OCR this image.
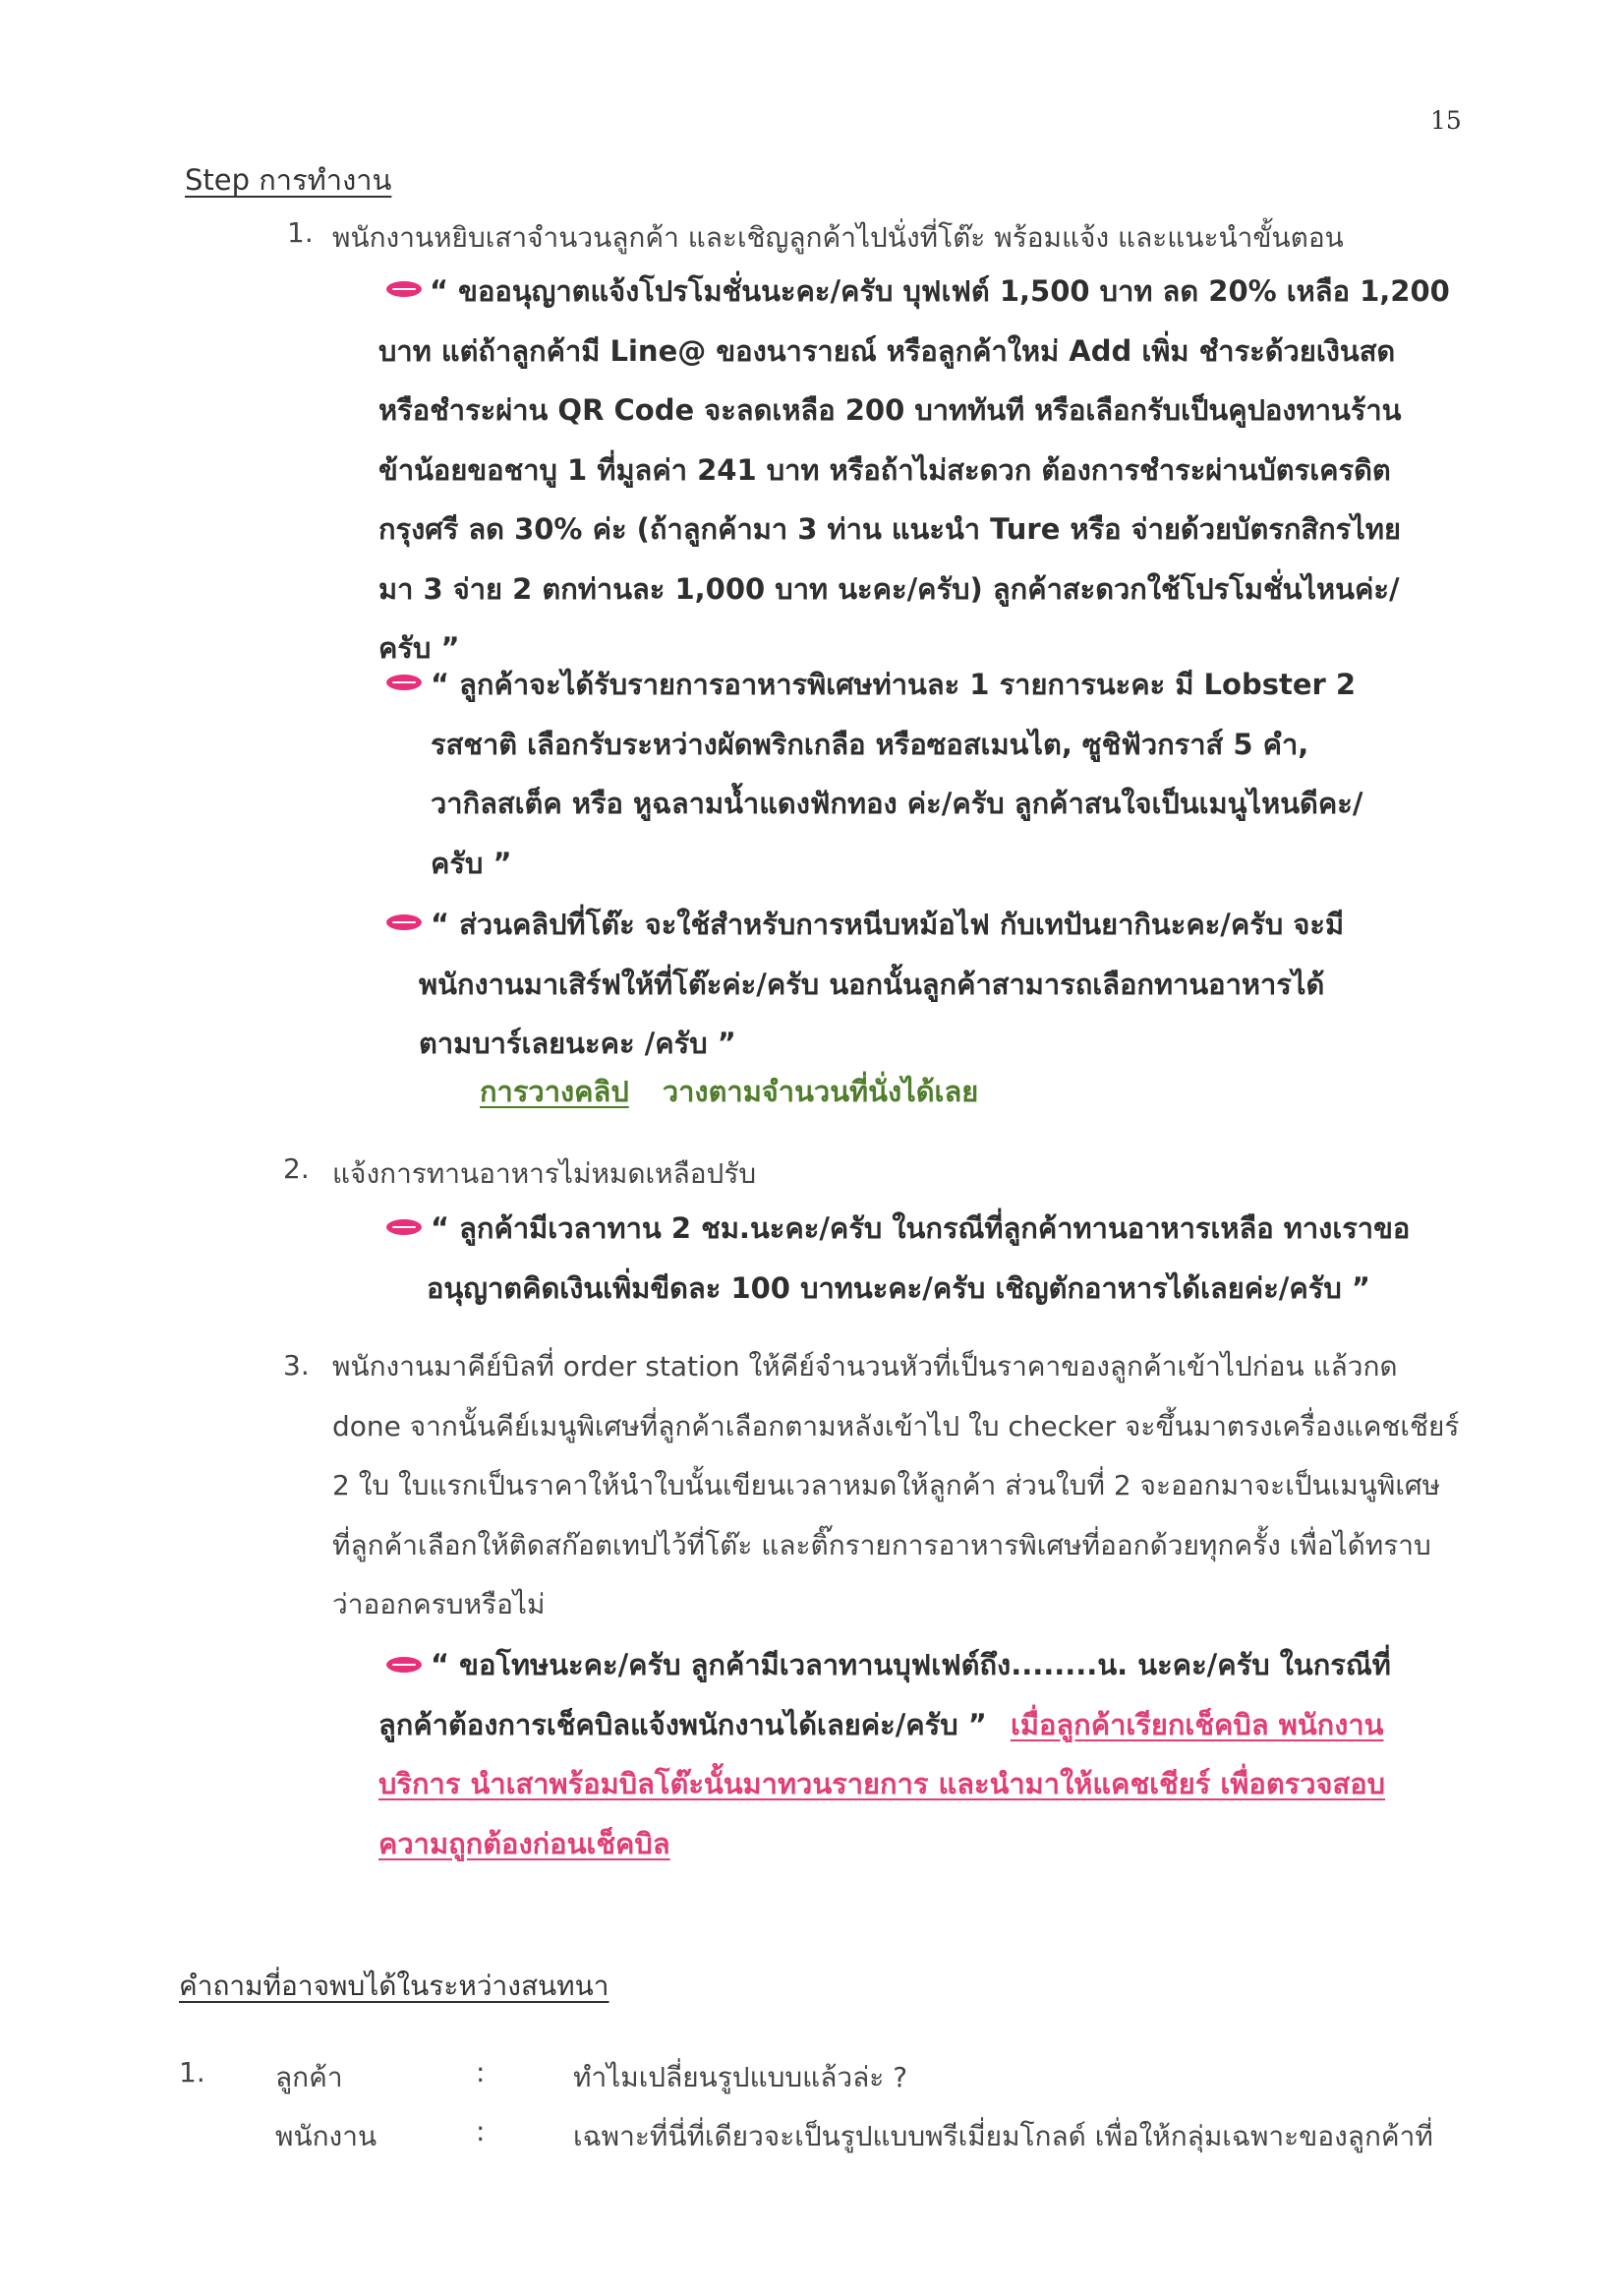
15
Step การทำงาน
1. พนักงานหยิบเสาจำนวนลูกค้า และเชิญลูกค้าไปนั่งที่โต๊ะ พร้อมแจ้ง และแนะนำขั้นตอน
“ ขออนุญาตแจ้งโปรโมชั่นนะคะ/ครับ บุฟเฟต์ 1,500 บาท ลด 20% เหลือ 1,200
บาท แต่ถ้าลูกค้ามี Line@ ของนารายณ์ หรือลูกค้าใหม่ Add เพิ่ม ชำระด้วยเงินสด
หรือชำระผ่าน QR Code จะลดเหลือ 200 บาททันที หรือเลือกรับเป็นคูปองทานร้าน
ข้าน้อยขอชาบู 1 ที่มูลค่า 241 บาท หรือถ้าไม่สะดวก ต้องการชำระผ่านบัตรเครดิต
กรุงศรี ลด 30% ค่ะ (ถ้าลูกค้ามา 3 ท่าน แนะนำ Ture หรือ จ่ายด้วยบัตรกสิกรไทย
มา 3 จ่าย 2 ตกท่านละ 1,000 บาท นะคะ/ครับ) ลูกค้าสะดวกใช้โปรโมชั่นไหนค่ะ/
ครับ ”
“ ลูกค้าจะได้รับรายการอาหารพิเศษท่านละ 1 รายการนะคะ มี Lobster 2
รสชาติ เลือกรับระหว่างผัดพริกเกลือ หรือซอสเมนไต, ซูชิฟัวกราส์ 5 คำ,
วากิลสเต็ค หรือ หูฉลามน้ำแดงฟักทอง ค่ะ/ครับ ลูกค้าสนใจเป็นเมนูไหนดีคะ/
ครับ ”
“ ส่วนคลิปที่โต๊ะ จะใช้สำหรับการหนีบหม้อไฟ กับเทปันยากินะคะ/ครับ จะมี
พนักงานมาเสิร์ฟให้ที่โต๊ะค่ะ/ครับ นอกนั้นลูกค้าสามารถเลือกทานอาหารได้
ตามบาร์เลยนะคะ /ครับ ”
การวางคลิป วางตามจำนวนที่นั่งได้เลย
2. แจ้งการทานอาหารไม่หมดเหลือปรับ
“ ลูกค้ามีเวลาทาน 2 ชม.นะคะ/ครับ ในกรณีที่ลูกค้าทานอาหารเหลือ ทางเราขอ
อนุญาตคิดเงินเพิ่มขีดละ 100 บาทนะคะ/ครับ เชิญตักอาหารได้เลยค่ะ/ครับ ”
3. พนักงานมาคีย์บิลที่ order station ให้คีย์จำนวนหัวที่เป็นราคาของลูกค้าเข้าไปก่อน แล้วกด
done จากนั้นคีย์เมนูพิเศษที่ลูกค้าเลือกตามหลังเข้าไป ใบ checker จะขึ้นมาตรงเครื่องแคชเชียร์
2 ใบ ใบแรกเป็นราคาให้นำใบนั้นเขียนเวลาหมดให้ลูกค้า ส่วนใบที่ 2 จะออกมาจะเป็นเมนูพิเศษ
ที่ลูกค้าเลือกให้ติดสก๊อตเทปไว้ที่โต๊ะ และติ๊กรายการอาหารพิเศษที่ออกด้วยทุกครั้ง เพื่อได้ทราบ
ว่าออกครบหรือไม่
“ ขอโทษนะคะ/ครับ ลูกค้ามีเวลาทานบุฟเฟต์ถึง........น. นะคะ/ครับ ในกรณีที่
ลูกค้าต้องการเช็คบิลแจ้งพนักงานได้เลยค่ะ/ครับ ” เมื่อลูกค้าเรียกเช็คบิล พนักงาน
บริการ นำเสาพร้อมบิลโต๊ะนั้นมาทวนรายการ และนำมาให้แคชเชียร์ เพื่อตรวจสอบ
ความถูกต้องก่อนเช็คบิล
คำถามที่อาจพบได้ในระหว่างสนทนา
1.	ลูกค้า	:	ทำไมเปลี่ยนรูปแบบแล้วล่ะ ?
พนักงาน	:	เฉพาะที่นี่ที่เดียวจะเป็นรูปแบบพรีเมี่ยมโกลด์ เพื่อให้กลุ่มเฉพาะของลูกค้าที่
